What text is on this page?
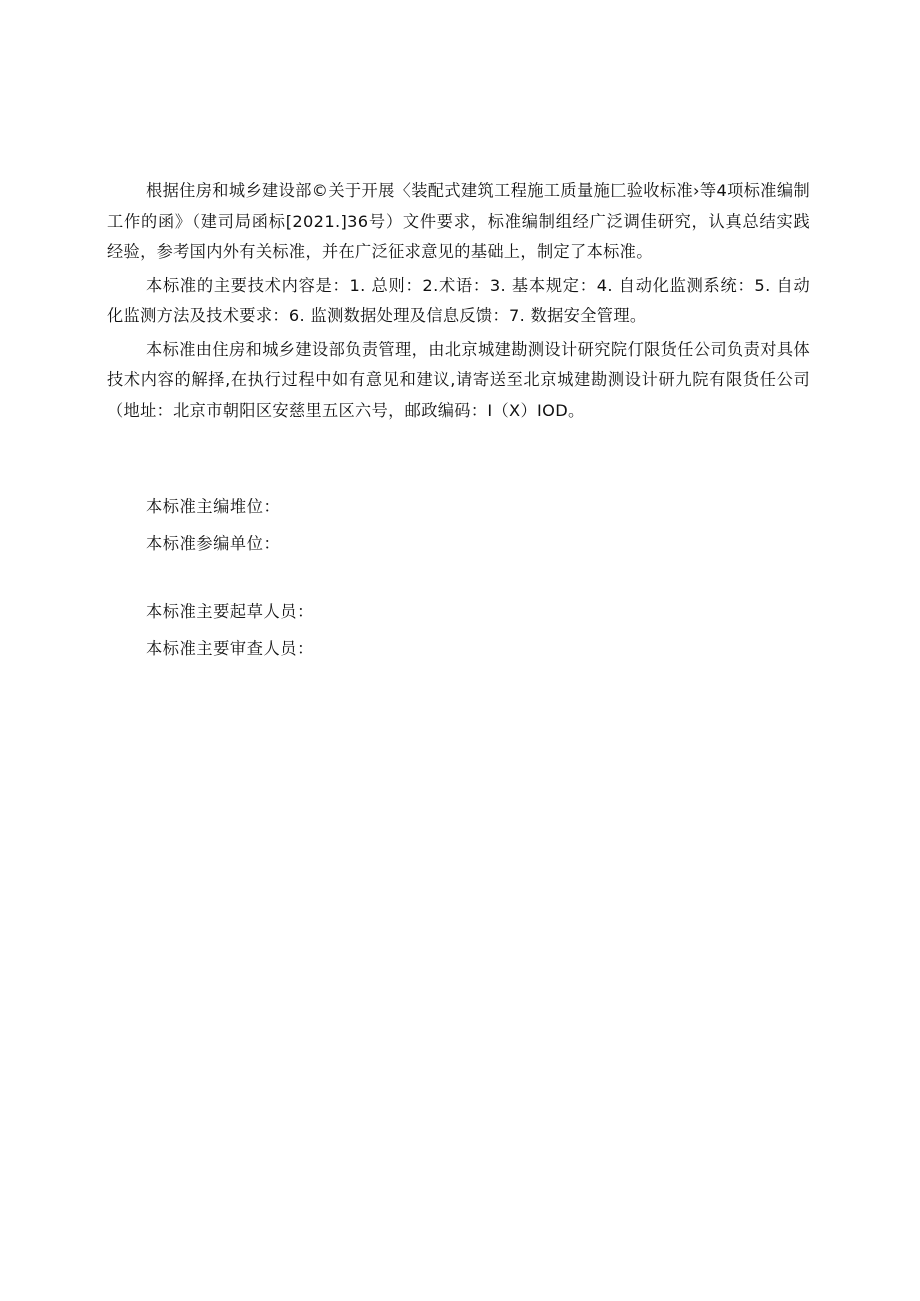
根据住房和城乡建设部©关于开展〈装配式建筑工程施工质量施匚验收标准›等4项标准编制工作的函》（建司局函标[2021.]36号）文件要求，标准编制组经广泛调佳研究，认真总结实践经验，参考国内外有关标准，并在广泛征求意见的基础上，制定了本标准。

本标准的主要技术内容是：1. 总则：2.术语：3. 基本规定：4. 自动化监测系统：5. 自动化监测方法及技术要求：6. 监测数据处理及信息反馈：7. 数据安全管理。

本标准由住房和城乡建设部负责管理，由北京城建勘测设计研究院仃限货任公司负责对具体技术内容的解择,在执行过程中如有意见和建议,请寄送至北京城建勘测设计研九院有限货任公司（地址：北京市朝阳区安慈里五区六号，邮政编码：I（X）IOD。

本标准主编堆位：

本标准参编单位：

本标准主要起草人员：

本标准主要审查人员：
